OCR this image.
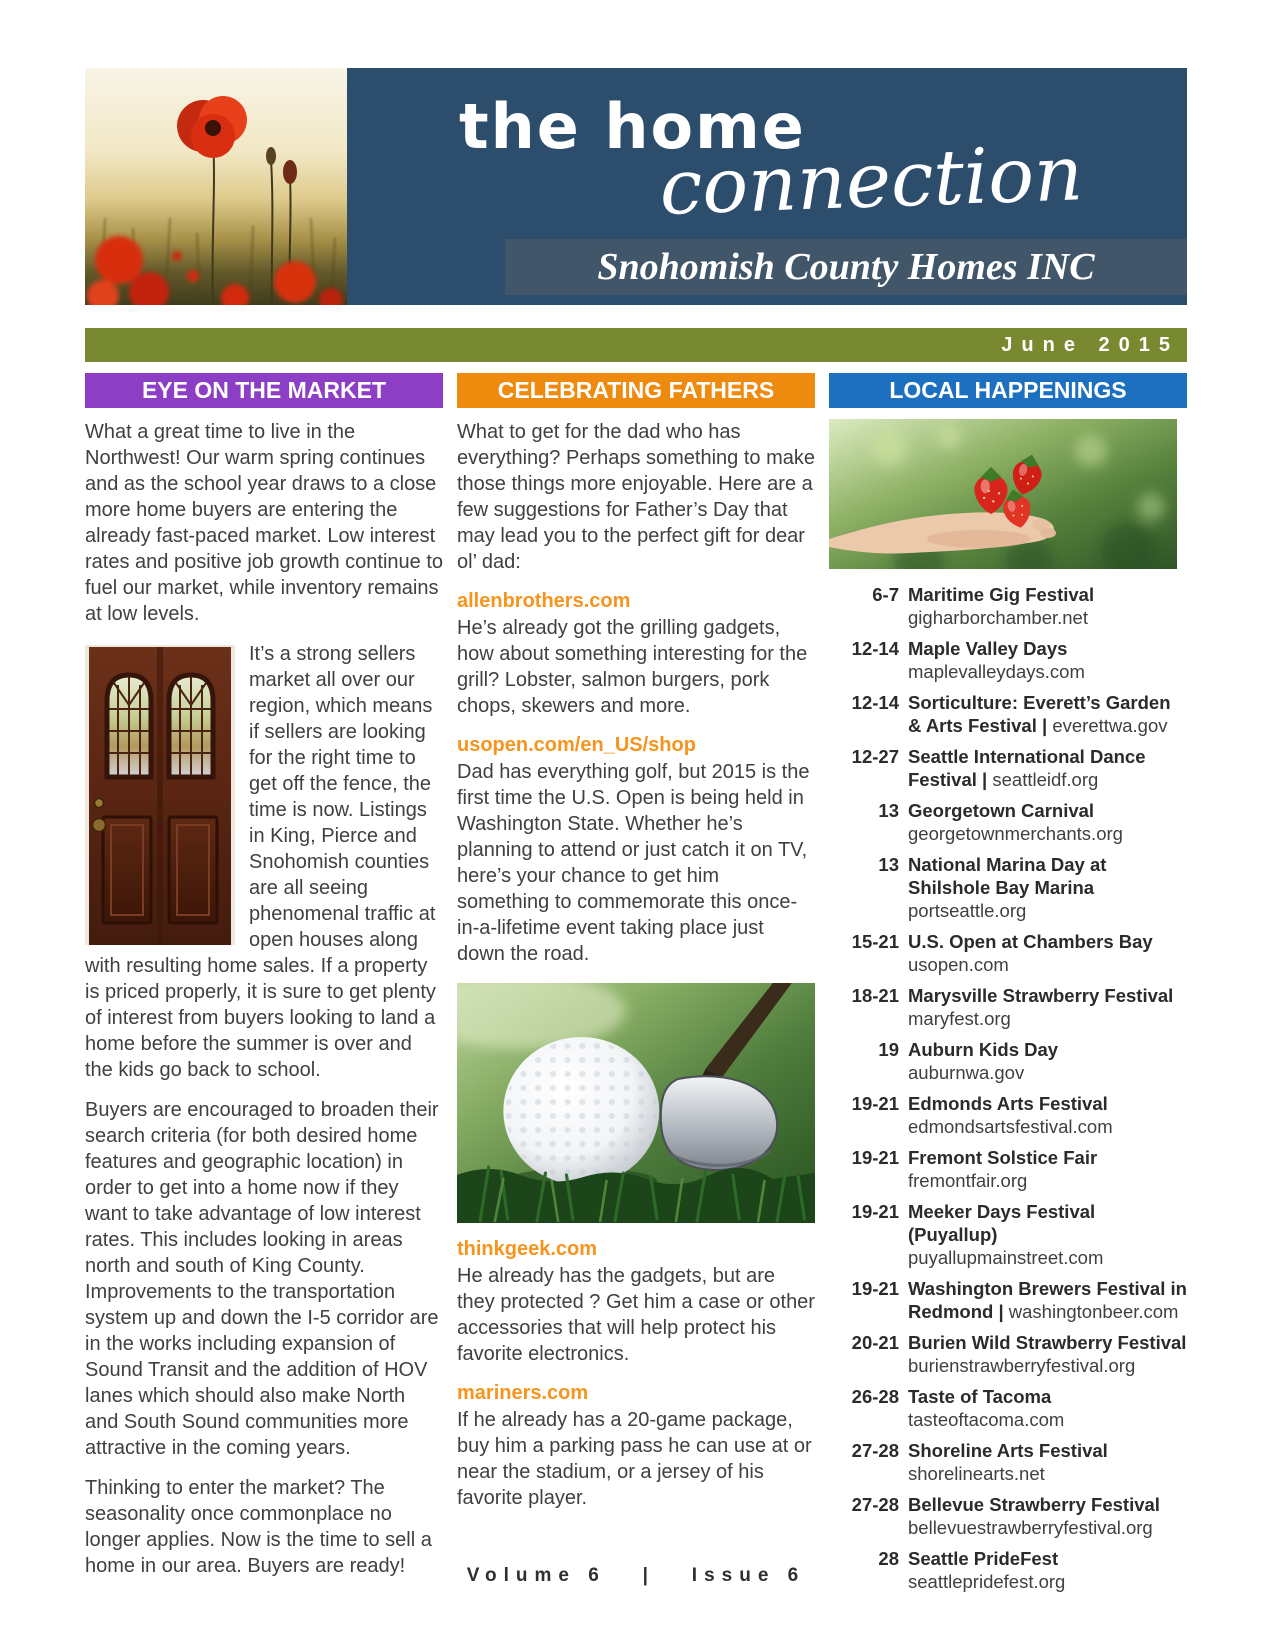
the home
connection
Snohomish County Homes INC
June 2015
EYE ON THE MARKET

What a great time to live in the Northwest! Our warm spring continues and as the school year draws to a close more home buyers are entering the already fast-paced market. Low interest rates and positive job growth continue to fuel our market, while inventory remains at low levels.

It’s a strong sellers market all over our region, which means if sellers are looking for the right time to get off the fence, the time is now. Listings in King, Pierce and Snohomish counties are all seeing phenomenal traffic at open houses along with resulting home sales. If a property is priced properly, it is sure to get plenty of interest from buyers looking to land a home before the summer is over and the kids go back to school.

Buyers are encouraged to broaden their search criteria (for both desired home features and geographic location) in order to get into a home now if they want to take advantage of low interest rates. This includes looking in areas north and south of King County. Improvements to the transportation system up and down the I-5 corridor are in the works including expansion of Sound Transit and the addition of HOV lanes which should also make North and South Sound communities more attractive in the coming years.

Thinking to enter the market? The seasonality once commonplace no longer applies. Now is the time to sell a home in our area. Buyers are ready!

CELEBRATING FATHERS

What to get for the dad who has everything? Perhaps something to make those things more enjoyable. Here are a few suggestions for Father’s Day that may lead you to the perfect gift for dear ol’ dad:

allenbrothers.com
He’s already got the grilling gadgets, how about something interesting for the grill? Lobster, salmon burgers, pork chops, skewers and more.
usopen.com/en_US/shop
Dad has everything golf, but 2015 is the first time the U.S. Open is being held in Washington State. Whether he’s planning to attend or just catch it on TV, here’s your chance to get him something to commemorate this once-in-a-lifetime event taking place just down the road.
thinkgeek.com
He already has the gadgets, but are they protected ? Get him a case or other accessories that will help protect his favorite electronics.
mariners.com
If he already has a 20-game package, buy him a parking pass he can use at or near the stadium, or a jersey of his favorite player.
Volume 6   |   Issue 6
LOCAL HAPPENINGS
6-7 Maritime Gig Festival
gigharborchamber.net
12-14 Maple Valley Days
maplevalleydays.com
12-14 Sorticulture: Everett’s Garden & Arts Festival | everettwa.gov
12-27 Seattle International Dance Festival | seattleidf.org
13 Georgetown Carnival
georgetownmerchants.org
13 National Marina Day at Shilshole Bay Marina
portseattle.org
15-21 U.S. Open at Chambers Bay
usopen.com
18-21 Marysville Strawberry Festival
maryfest.org
19 Auburn Kids Day
auburnwa.gov
19-21 Edmonds Arts Festival
edmondsartsfestival.com
19-21 Fremont Solstice Fair
fremontfair.org
19-21 Meeker Days Festival (Puyallup)
puyallupmainstreet.com
19-21 Washington Brewers Festival in Redmond | washingtonbeer.com
20-21 Burien Wild Strawberry Festival
burienstrawberryfestival.org
26-28 Taste of Tacoma
tasteoftacoma.com
27-28 Shoreline Arts Festival
shorelinearts.net
27-28 Bellevue Strawberry Festival
bellevuestrawberryfestival.org
28 Seattle PrideFest
seattlepridefest.org
